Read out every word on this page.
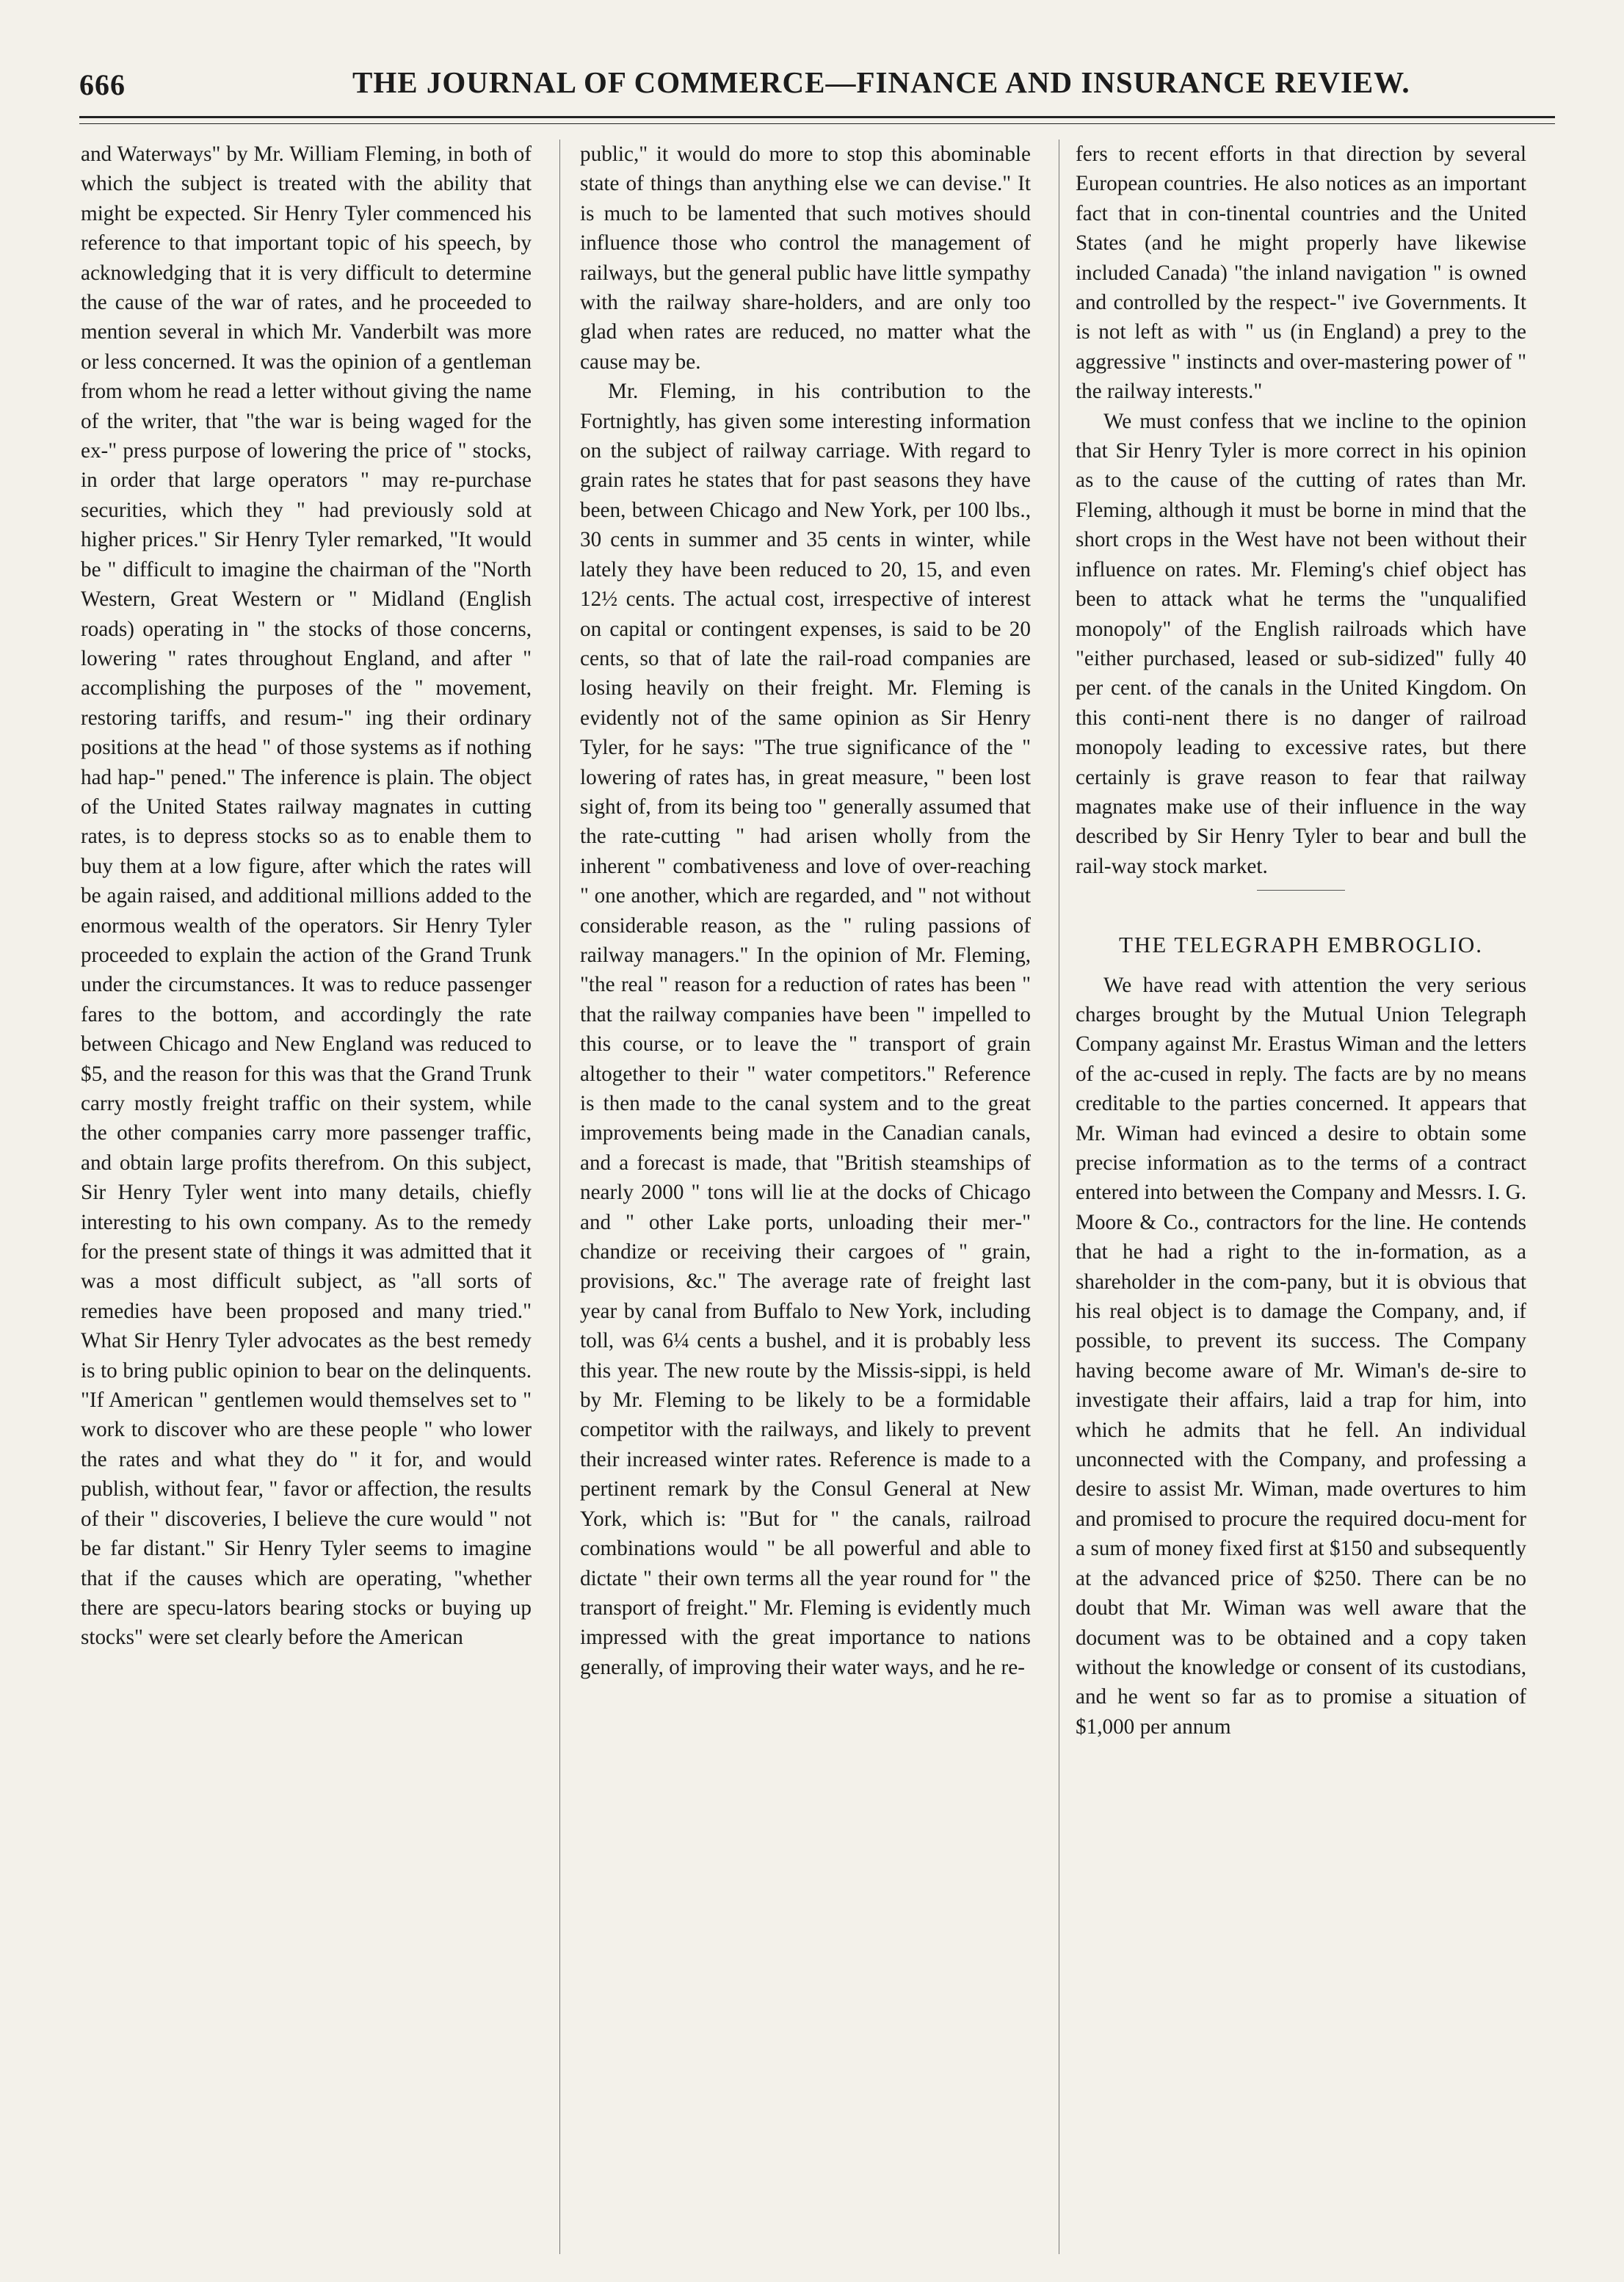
666	THE JOURNAL OF COMMERCE—FINANCE AND INSURANCE REVIEW.

and Waterways" by Mr. William Fleming, in both of which the subject is treated with the ability that might be expected. Sir Henry Tyler commenced his reference to that important topic of his speech, by acknowledging that it is very difficult to determine the cause of the war of rates, and he proceeded to mention several in which Mr. Vanderbilt was more or less concerned. It was the opinion of a gentleman from whom he read a letter without giving the name of the writer, that "the war is being waged for the ex-" press purpose of lowering the price of " stocks, in order that large operators " may re-purchase securities, which they " had previously sold at higher prices." Sir Henry Tyler remarked, "It would be " difficult to imagine the chairman of the "North Western, Great Western or " Midland (English roads) operating in " the stocks of those concerns, lowering " rates throughout England, and after " accomplishing the purposes of the " movement, restoring tariffs, and resum-" ing their ordinary positions at the head " of those systems as if nothing had hap-" pened." The inference is plain. The object of the United States railway magnates in cutting rates, is to depress stocks so as to enable them to buy them at a low figure, after which the rates will be again raised, and additional millions added to the enormous wealth of the operators. Sir Henry Tyler proceeded to explain the action of the Grand Trunk under the circumstances. It was to reduce passenger fares to the bottom, and accordingly the rate between Chicago and New England was reduced to $5, and the reason for this was that the Grand Trunk carry mostly freight traffic on their system, while the other companies carry more passenger traffic, and obtain large profits therefrom. On this subject, Sir Henry Tyler went into many details, chiefly interesting to his own company. As to the remedy for the present state of things it was admitted that it was a most difficult subject, as "all sorts of remedies have been proposed and many tried." What Sir Henry Tyler advocates as the best remedy is to bring public opinion to bear on the delinquents. "If American " gentlemen would themselves set to " work to discover who are these people " who lower the rates and what they do " it for, and would publish, without fear, " favor or affection, the results of their " discoveries, I believe the cure would " not be far distant." Sir Henry Tyler seems to imagine that if the causes which are operating, "whether there are specu-lators bearing stocks or buying up stocks" were set clearly before the American

public," it would do more to stop this abominable state of things than anything else we can devise." It is much to be lamented that such motives should influence those who control the management of railways, but the general public have little sympathy with the railway share-holders, and are only too glad when rates are reduced, no matter what the cause may be.

Mr. Fleming, in his contribution to the Fortnightly, has given some interesting information on the subject of railway carriage. With regard to grain rates he states that for past seasons they have been, between Chicago and New York, per 100 lbs., 30 cents in summer and 35 cents in winter, while lately they have been reduced to 20, 15, and even 12½ cents. The actual cost, irrespective of interest on capital or contingent expenses, is said to be 20 cents, so that of late the rail-road companies are losing heavily on their freight. Mr. Fleming is evidently not of the same opinion as Sir Henry Tyler, for he says: "The true significance of the " lowering of rates has, in great measure, " been lost sight of, from its being too " generally assumed that the rate-cutting " had arisen wholly from the inherent " combativeness and love of over-reaching " one another, which are regarded, and " not without considerable reason, as the " ruling passions of railway managers." In the opinion of Mr. Fleming, "the real " reason for a reduction of rates has been " that the railway companies have been " impelled to this course, or to leave the " transport of grain altogether to their " water competitors." Reference is then made to the canal system and to the great improvements being made in the Canadian canals, and a forecast is made, that "British steamships of nearly 2000 " tons will lie at the docks of Chicago and " other Lake ports, unloading their mer-" chandize or receiving their cargoes of " grain, provisions, &c." The average rate of freight last year by canal from Buffalo to New York, including toll, was 6¼ cents a bushel, and it is probably less this year. The new route by the Missis-sippi, is held by Mr. Fleming to be likely to be a formidable competitor with the railways, and likely to prevent their increased winter rates. Reference is made to a pertinent remark by the Consul General at New York, which is: "But for " the canals, railroad combinations would " be all powerful and able to dictate " their own terms all the year round for " the transport of freight." Mr. Fleming is evidently much impressed with the great importance to nations generally, of improving their water ways, and he re-

fers to recent efforts in that direction by several European countries. He also notices as an important fact that in con-tinental countries and the United States (and he might properly have likewise included Canada) "the inland navigation " is owned and controlled by the respect-" ive Governments. It is not left as with " us (in England) a prey to the aggressive " instincts and over-mastering power of " the railway interests."

We must confess that we incline to the opinion that Sir Henry Tyler is more correct in his opinion as to the cause of the cutting of rates than Mr. Fleming, although it must be borne in mind that the short crops in the West have not been without their influence on rates. Mr. Fleming's chief object has been to attack what he terms the "unqualified monopoly" of the English railroads which have "either purchased, leased or sub-sidized" fully 40 per cent. of the canals in the United Kingdom. On this conti-nent there is no danger of railroad monopoly leading to excessive rates, but there certainly is grave reason to fear that railway magnates make use of their influence in the way described by Sir Henry Tyler to bear and bull the rail-way stock market.

THE TELEGRAPH EMBROGLIO.

We have read with attention the very serious charges brought by the Mutual Union Telegraph Company against Mr. Erastus Wiman and the letters of the ac-cused in reply. The facts are by no means creditable to the parties concerned. It appears that Mr. Wiman had evinced a desire to obtain some precise information as to the terms of a contract entered into between the Company and Messrs. I. G. Moore & Co., contractors for the line. He contends that he had a right to the in-formation, as a shareholder in the com-pany, but it is obvious that his real object is to damage the Company, and, if possible, to prevent its success. The Company having become aware of Mr. Wiman's de-sire to investigate their affairs, laid a trap for him, into which he admits that he fell. An individual unconnected with the Company, and professing a desire to assist Mr. Wiman, made overtures to him and promised to procure the required docu-ment for a sum of money fixed first at $150 and subsequently at the advanced price of $250. There can be no doubt that Mr. Wiman was well aware that the document was to be obtained and a copy taken without the knowledge or consent of its custodians, and he went so far as to promise a situation of $1,000 per annum
